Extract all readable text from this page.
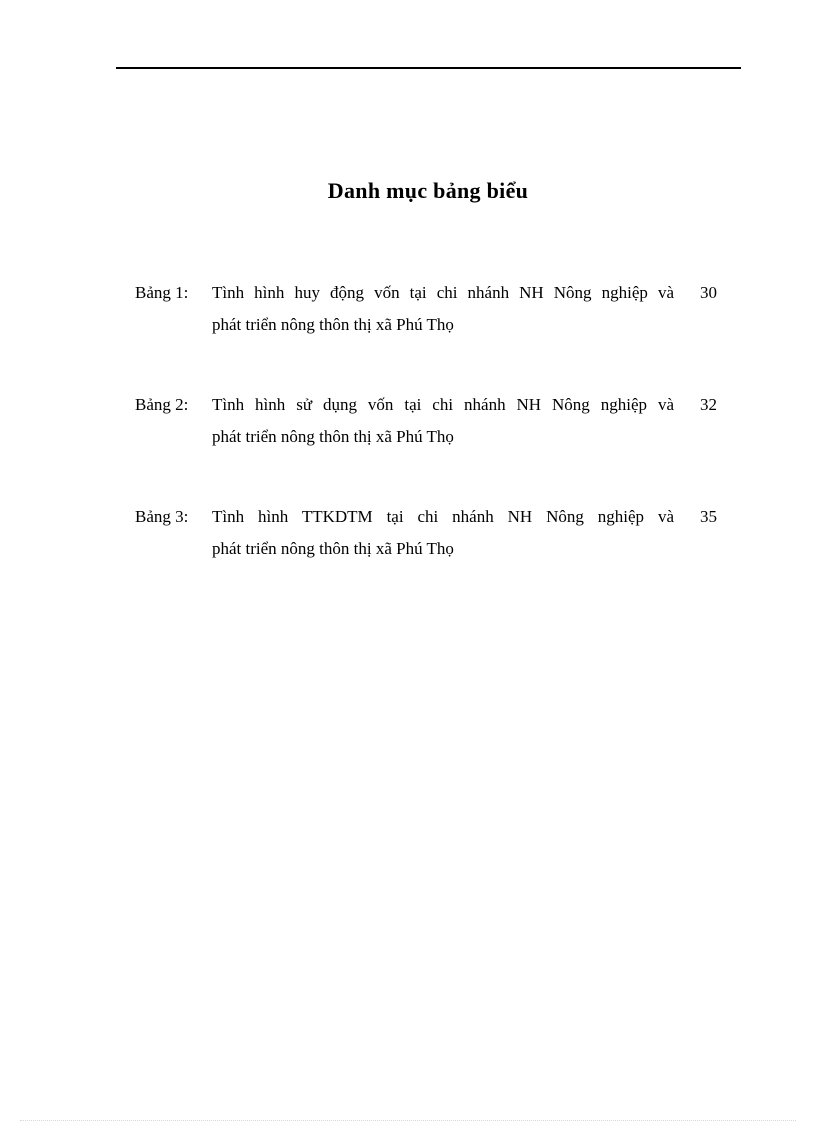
Danh mục bảng biểu
Bảng 1: Tình hình huy động vốn tại chi nhánh NH Nông nghiệp và
phát triển nông thôn thị xã Phú Thọ
30
Bảng 2: Tình hình sử dụng vốn tại chi nhánh NH Nông nghiệp và
phát triển nông thôn thị xã Phú Thọ
32
Bảng 3: Tình hình TTKDTM tại chi nhánh NH Nông nghiệp và
phát triển nông thôn thị xã Phú Thọ
35
